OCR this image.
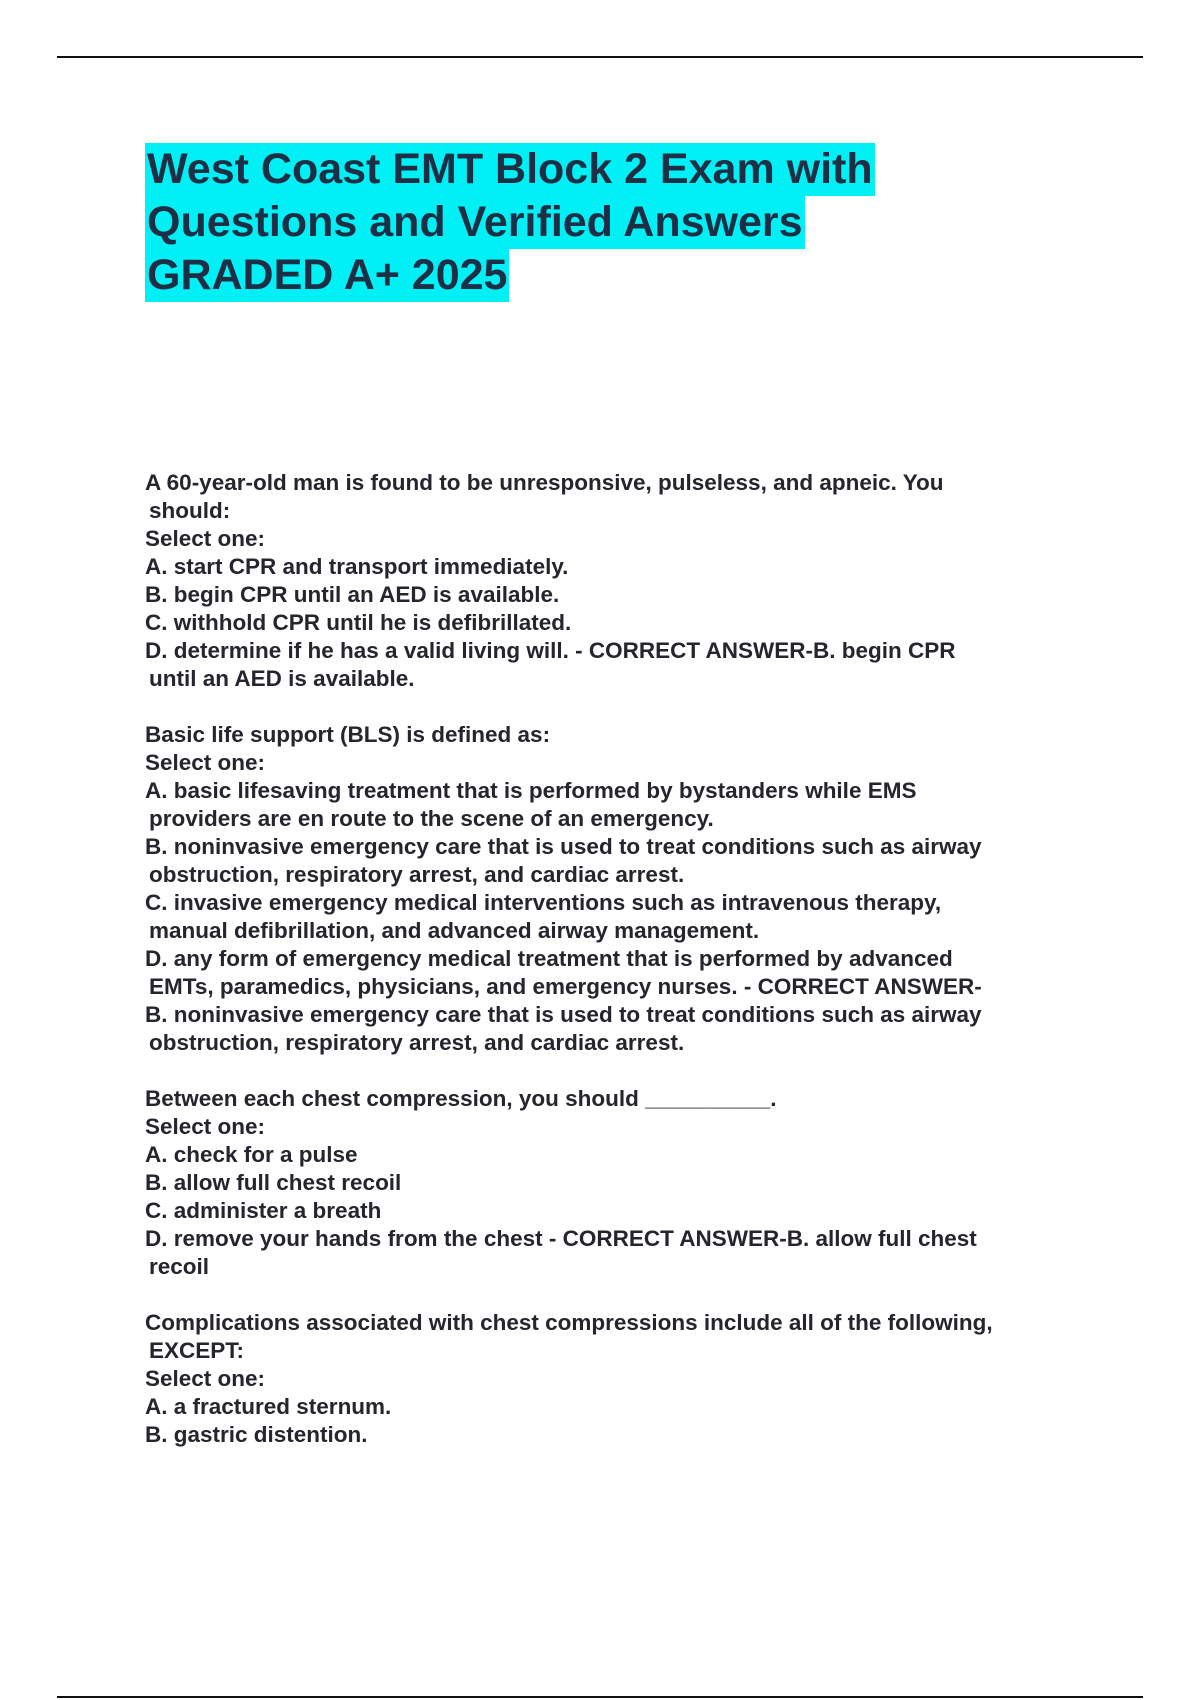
West Coast EMT Block 2 Exam with
Questions and Verified Answers
GRADED A+ 2025
A 60-year-old man is found to be unresponsive, pulseless, and apneic. You
should:
Select one:
A. start CPR and transport immediately.
B. begin CPR until an AED is available.
C. withhold CPR until he is defibrillated.
D. determine if he has a valid living will. - CORRECT ANSWER-B. begin CPR
until an AED is available.
Basic life support (BLS) is defined as:
Select one:
A. basic lifesaving treatment that is performed by bystanders while EMS
providers are en route to the scene of an emergency.
B. noninvasive emergency care that is used to treat conditions such as airway
obstruction, respiratory arrest, and cardiac arrest.
C. invasive emergency medical interventions such as intravenous therapy,
manual defibrillation, and advanced airway management.
D. any form of emergency medical treatment that is performed by advanced
EMTs, paramedics, physicians, and emergency nurses. - CORRECT ANSWER-
B. noninvasive emergency care that is used to treat conditions such as airway
obstruction, respiratory arrest, and cardiac arrest.
Between each chest compression, you should __________.
Select one:
A. check for a pulse
B. allow full chest recoil
C. administer a breath
D. remove your hands from the chest - CORRECT ANSWER-B. allow full chest
recoil
Complications associated with chest compressions include all of the following,
EXCEPT:
Select one:
A. a fractured sternum.
B. gastric distention.
